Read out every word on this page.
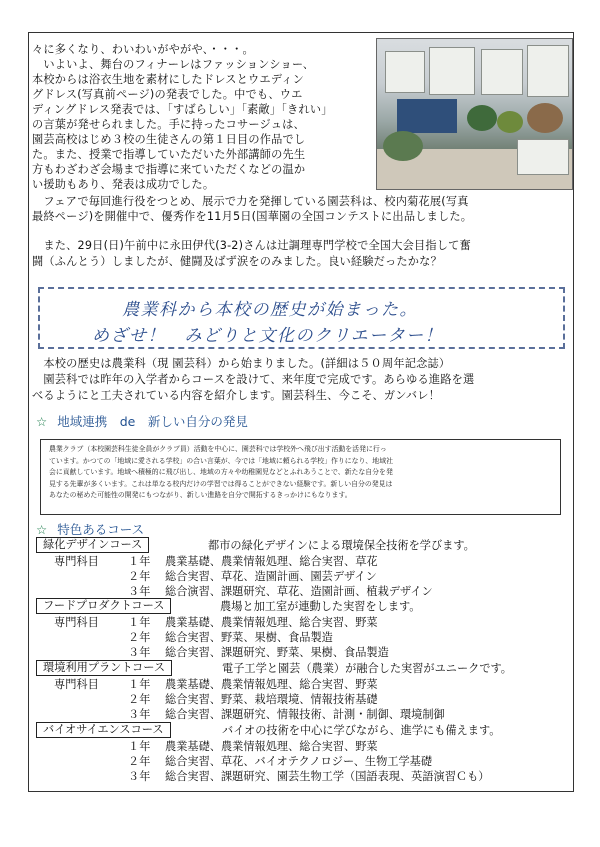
々に多くなり、わいわいがやがや、・・・。
　いよいよ、舞台のフィナーレはファッションショー、
本校からは浴衣生地を素材にしたドレスとウエディン
グドレス(写真前ページ)の発表でした。中でも、ウエ
ディングドレス発表では、「すばらしい」「素敵」「きれい」
の言葉が発せられました。手に持ったコサージュは、
園芸高校はじめ３校の生徒さんの第１日目の作品でし
た。また、授業で指導していただいた外部講師の先生
方もわざわざ会場まで指導に来ていただくなどの温か
い援助もあり、発表は成功でした。
　フェアで毎回進行役をつとめ、展示で力を発揮している園芸科は、校内菊花展(写真
最終ページ)を開催中で、優秀作を11月5日(国華園の全国コンテストに出品しました。
　また、29日(日)午前中に永田伊代(3-2)さんは辻調理専門学校で全国大会目指して奮
闘（ふんとう）しましたが、健闘及ばず涙をのみました。良い経験だったかな？
農業科から本校の歴史が始まった。
めざせ！　みどりと文化のクリエーター！
　本校の歴史は農業科（現 園芸科）から始まりました。(詳細は５０周年記念誌）
　園芸科では昨年の入学者からコースを設けて、来年度で完成です。あらゆる進路を選
べるようにと工夫されている内容を紹介します。園芸科生、今こそ、ガンバレ！
☆ 地域連携　de　新しい自分の発見
農業クラブ（本校園芸科生徒全員がクラブ員）活動を中心に、園芸科では学校外へ飛び出す活動を活発に行っ
ています。かつての「地域に愛される学校」の合い言葉が、今では「地域に頼られる学校」作りになり、地域社
会に貢献しています。地域へ積極的に飛び出し、地域の方々や幼稚園児などとふれあうことで、新たな自分を発
見する先輩が多くいます。これは単なる校内だけの学習では得ることができない経験です。新しい自分の発見は
あなたの秘めた可能性の開発にもつながり、新しい進路を自分で開拓するきっかけにもなります。
☆ 特色あるコース
緑化デザインコース	都市の緑化デザインによる環境保全技術を学びます。
専門科目	１年 農業基礎、農業情報処理、総合実習、草花
２年 総合実習、草花、造園計画、園芸デザイン
３年 総合演習、課題研究、草花、造園計画、植栽デザイン
フードプロダクトコース	農場と加工室が連動した実習をします。
専門科目	１年 農業基礎、農業情報処理、総合実習、野菜
２年 総合実習、野菜、果樹、食品製造
３年 総合実習、課題研究、野菜、果樹、食品製造
環境利用プラントコース	電子工学と園芸（農業）が融合した実習がユニークです。
専門科目	１年 農業基礎、農業情報処理、総合実習、野菜
２年 総合実習、野菜、栽培環境、情報技術基礎
３年 総合実習、課題研究、情報技術、計測・制御、環境制御
バイオサイエンスコース	バイオの技術を中心に学びながら、進学にも備えます。
１年 農業基礎、農業情報処理、総合実習、野菜
２年 総合実習、草花、バイオテクノロジー、生物工学基礎
３年 総合実習、課題研究、園芸生物工学（国語表現、英語演習Ｃも）
